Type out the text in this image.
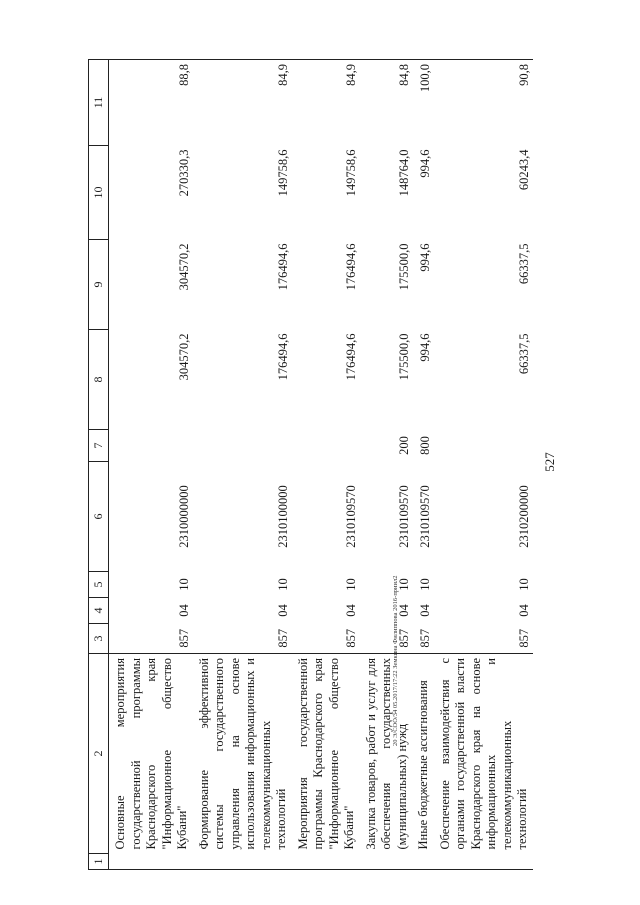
527
20 Э/СОО/34 05.2017/17:22 Земкина Филиппова 2016-приил2
1	2	3	4	5	6	7	8	9	10	11
	Основные мероприятия государственной программы Краснодарского края "Информационное общество Кубани"	857	04	10	2310000000		304570,2	304570,2	270330,3	88,8
	Формирование эффективной системы государственного управления на основе использования информационных и телекоммуникационных технологий	857	04	10	2310100000		176494,6	176494,6	149758,6	84,9
	Мероприятия государственной программы Краснодарского края "Информационное общество Кубани"	857	04	10	2310109570		176494,6	176494,6	149758,6	84,9
	Закупка товаров, работ и услуг для обеспечения государственных (муниципальных) нужд	857	04	10	2310109570	200	175500,0	175500,0	148764,0	84,8
	Иные бюджетные ассигнования	857	04	10	2310109570	800	994,6	994,6	994,6	100,0
	Обеспечение взаимодействия с органами государственной власти Краснодарского края на основе информационных и телекоммуникационных технологий	857	04	10	2310200000		66337,5	66337,5	60243,4	90,8
